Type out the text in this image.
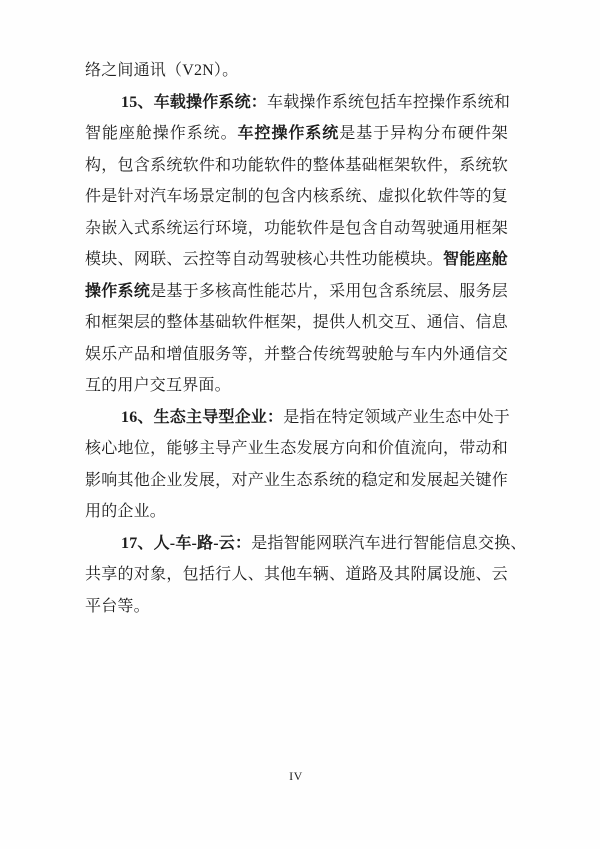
络之间通讯（V2N）。
15、车载操作系统：车载操作系统包括车控操作系统和
智能座舱操作系统。车控操作系统是基于异构分布硬件架
构，包含系统软件和功能软件的整体基础框架软件，系统软
件是针对汽车场景定制的包含内核系统、虚拟化软件等的复
杂嵌入式系统运行环境，功能软件是包含自动驾驶通用框架
模块、网联、云控等自动驾驶核心共性功能模块。智能座舱
操作系统是基于多核高性能芯片，采用包含系统层、服务层
和框架层的整体基础软件框架，提供人机交互、通信、信息
娱乐产品和增值服务等，并整合传统驾驶舱与车内外通信交
互的用户交互界面。
16、生态主导型企业：是指在特定领域产业生态中处于
核心地位，能够主导产业生态发展方向和价值流向，带动和
影响其他企业发展，对产业生态系统的稳定和发展起关键作
用的企业。
17、人-车-路-云：是指智能网联汽车进行智能信息交换、
共享的对象，包括行人、其他车辆、道路及其附属设施、云
平台等。
IV
